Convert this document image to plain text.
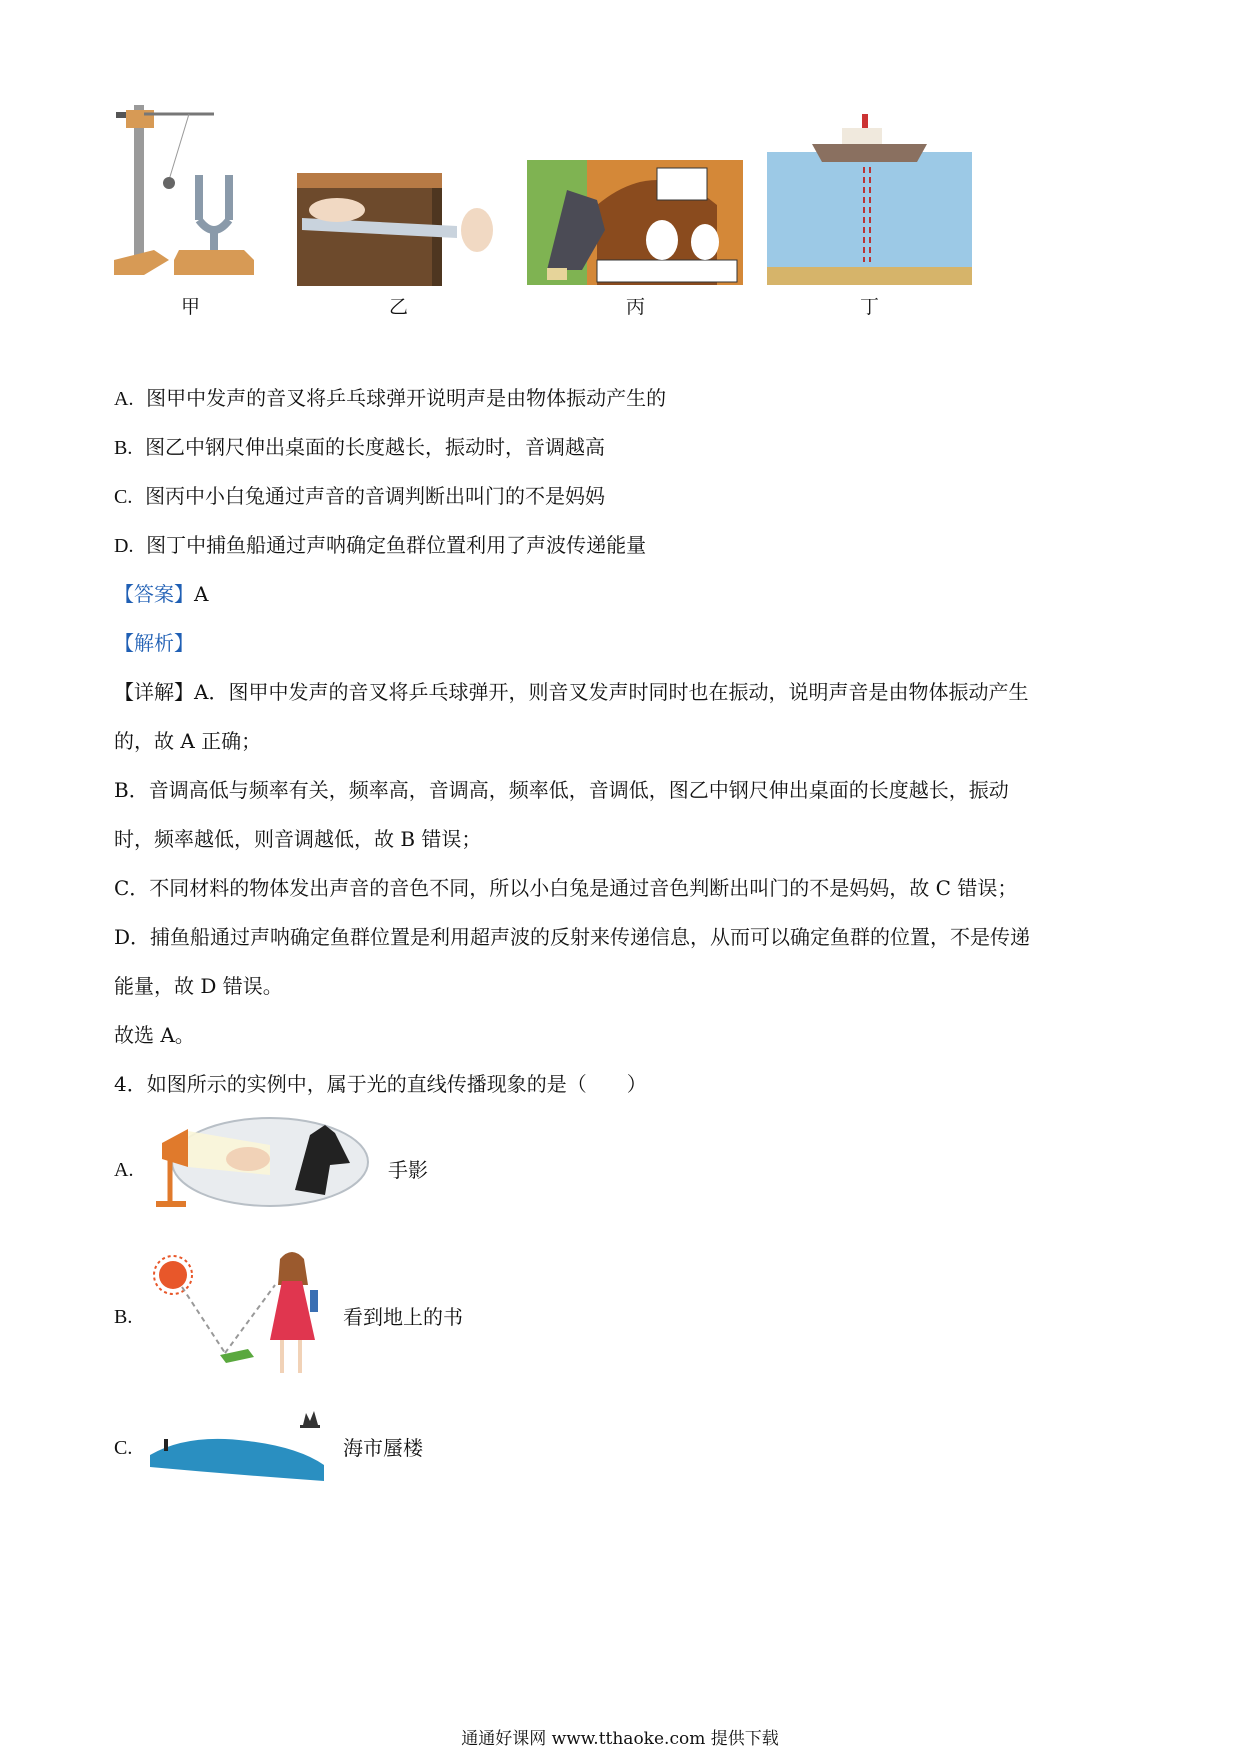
甲	乙	丙	丁
A. 图甲中发声的音叉将乒乓球弹开说明声是由物体振动产生的
B. 图乙中钢尺伸出桌面的长度越长，振动时，音调越高
C. 图丙中小白兔通过声音的音调判断出叫门的不是妈妈
D. 图丁中捕鱼船通过声呐确定鱼群位置利用了声波传递能量
【答案】A
【解析】
【详解】A．图甲中发声的音叉将乒乓球弹开，则音叉发声时同时也在振动，说明声音是由物体振动产生
的，故 A 正确；
B．音调高低与频率有关，频率高，音调高，频率低，音调低，图乙中钢尺伸出桌面的长度越长，振动
时，频率越低，则音调越低，故 B 错误；
C．不同材料的物体发出声音的音色不同，所以小白兔是通过音色判断出叫门的不是妈妈，故 C 错误；
D．捕鱼船通过声呐确定鱼群位置是利用超声波的反射来传递信息，从而可以确定鱼群的位置，不是传递
能量，故 D 错误。
故选 A。
4．如图所示的实例中，属于光的直线传播现象的是（　　）
A.	手影
B.	看到地上的书
C.	海市蜃楼
通通好课网 www.tthaoke.com 提供下载
